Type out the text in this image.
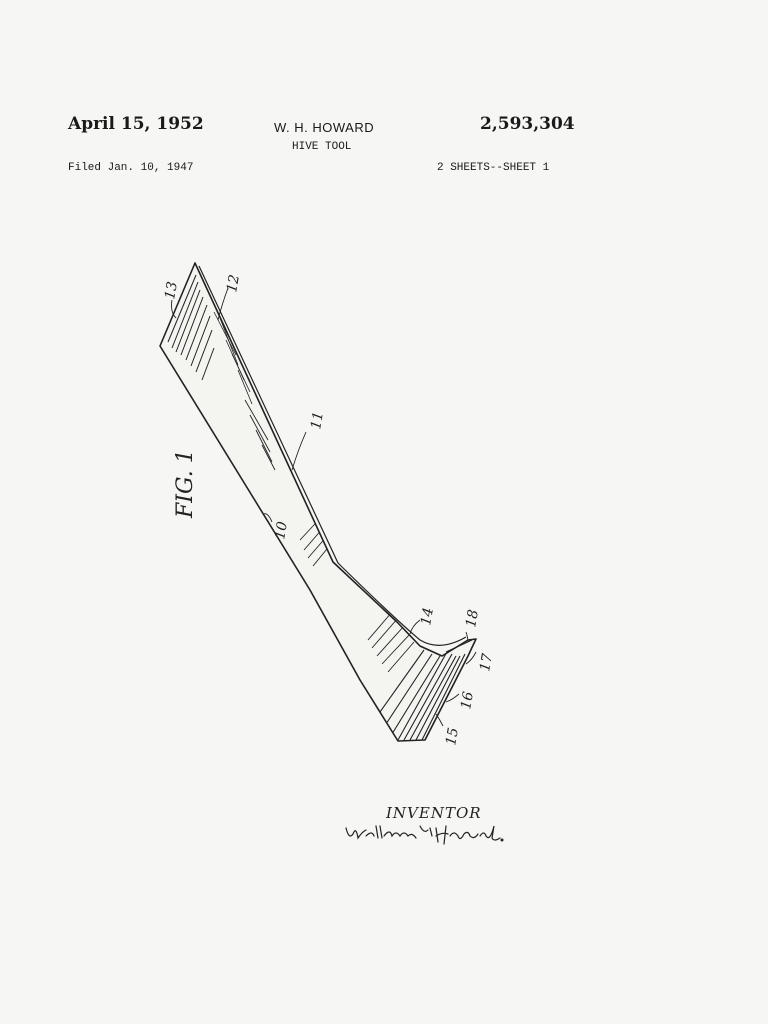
April 15, 1952	W. H. HOWARD	2,593,304
HIVE TOOL
Filed Jan. 10, 1947	2 SHEETS--SHEET 1
FIG. 1
10
11
12
13
14
15
16
17
18
INVENTOR
